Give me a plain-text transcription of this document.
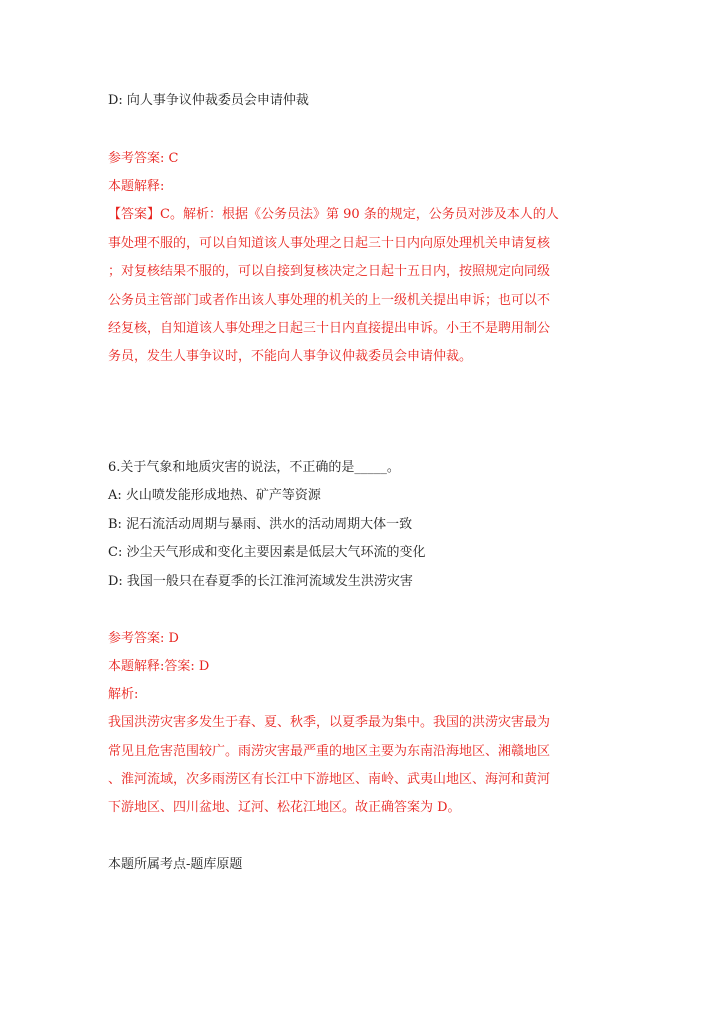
D: 向人事争议仲裁委员会申请仲裁
参考答案: C
本题解释:
【答案】C。解析：根据《公务员法》第 90 条的规定，公务员对涉及本人的人
事处理不服的，可以自知道该人事处理之日起三十日内向原处理机关申请复核
；对复核结果不服的，可以自接到复核决定之日起十五日内，按照规定向同级
公务员主管部门或者作出该人事处理的机关的上一级机关提出申诉；也可以不
经复核，自知道该人事处理之日起三十日内直接提出申诉。小王不是聘用制公
务员，发生人事争议时，不能向人事争议仲裁委员会申请仲裁。
6.关于气象和地质灾害的说法，不正确的是_____。
A: 火山喷发能形成地热、矿产等资源
B: 泥石流活动周期与暴雨、洪水的活动周期大体一致
C: 沙尘天气形成和变化主要因素是低层大气环流的变化
D: 我国一般只在春夏季的长江淮河流域发生洪涝灾害
参考答案: D
本题解释:答案: D
解析:
我国洪涝灾害多发生于春、夏、秋季，以夏季最为集中。我国的洪涝灾害最为
常见且危害范围较广。雨涝灾害最严重的地区主要为东南沿海地区、湘赣地区
、淮河流域，次多雨涝区有长江中下游地区、南岭、武夷山地区、海河和黄河
下游地区、四川盆地、辽河、松花江地区。故正确答案为 D。
本题所属考点-题库原题
